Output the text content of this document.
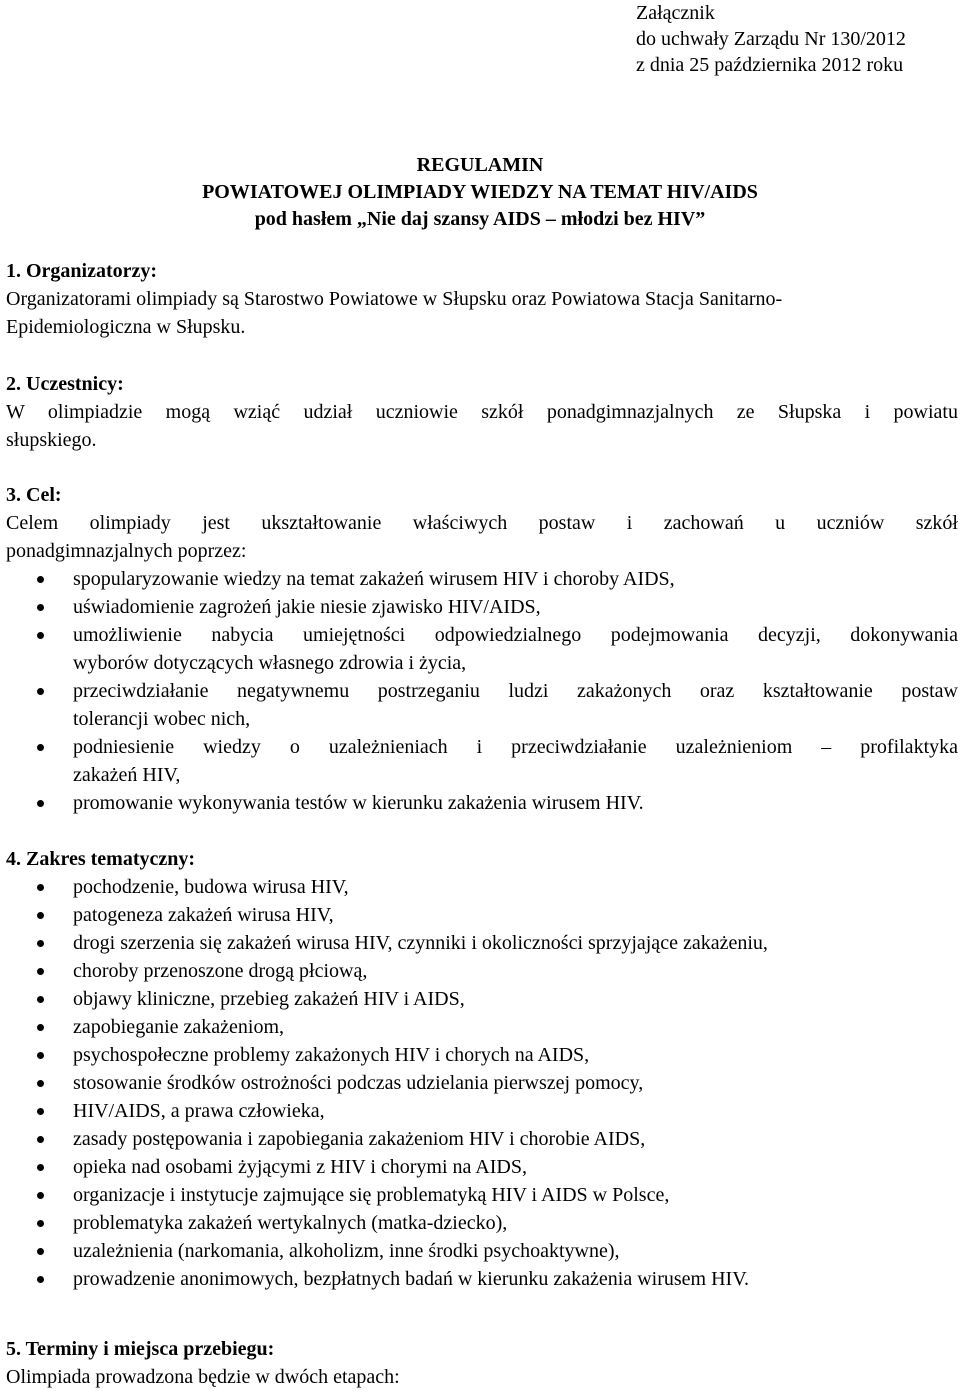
Załącznik
do uchwały Zarządu Nr 130/2012
z dnia 25 października 2012 roku
REGULAMIN
POWIATOWEJ OLIMPIADY WIEDZY NA TEMAT HIV/AIDS
pod hasłem „Nie daj szansy AIDS – młodzi bez HIV”
1. Organizatorzy:
Organizatorami olimpiady są Starostwo Powiatowe w Słupsku oraz Powiatowa Stacja Sanitarno-
Epidemiologiczna w Słupsku.
2. Uczestnicy:
W olimpiadzie mogą wziąć udział uczniowie szkół ponadgimnazjalnych ze Słupska i powiatu
słupskiego.
3. Cel:
Celem olimpiady jest ukształtowanie właściwych postaw i zachowań u uczniów szkół
ponadgimnazjalnych poprzez:
spopularyzowanie wiedzy na temat zakażeń wirusem HIV i choroby AIDS,
uświadomienie zagrożeń jakie niesie zjawisko HIV/AIDS,
umożliwienie nabycia umiejętności odpowiedzialnego podejmowania decyzji, dokonywania
wyborów dotyczących własnego zdrowia i życia,
przeciwdziałanie negatywnemu postrzeganiu ludzi zakażonych oraz kształtowanie postaw
tolerancji wobec nich,
podniesienie wiedzy o uzależnieniach i przeciwdziałanie uzależnieniom – profilaktyka
zakażeń HIV,
promowanie wykonywania testów w kierunku zakażenia wirusem HIV.
4. Zakres tematyczny:
pochodzenie, budowa wirusa HIV,
patogeneza zakażeń wirusa HIV,
drogi szerzenia się zakażeń wirusa HIV, czynniki i okoliczności sprzyjające zakażeniu,
choroby przenoszone drogą płciową,
objawy kliniczne, przebieg zakażeń HIV i AIDS,
zapobieganie zakażeniom,
psychospołeczne problemy zakażonych HIV i chorych na AIDS,
stosowanie środków ostrożności podczas udzielania pierwszej pomocy,
HIV/AIDS, a prawa człowieka,
zasady postępowania i zapobiegania zakażeniom HIV i chorobie AIDS,
opieka nad osobami żyjącymi z HIV i chorymi na AIDS,
organizacje i instytucje zajmujące się problematyką HIV i AIDS w Polsce,
problematyka zakażeń wertykalnych (matka-dziecko),
uzależnienia (narkomania, alkoholizm, inne środki psychoaktywne),
prowadzenie anonimowych, bezpłatnych badań w kierunku zakażenia wirusem HIV.
5. Terminy i miejsca przebiegu:
Olimpiada prowadzona będzie w dwóch etapach:
